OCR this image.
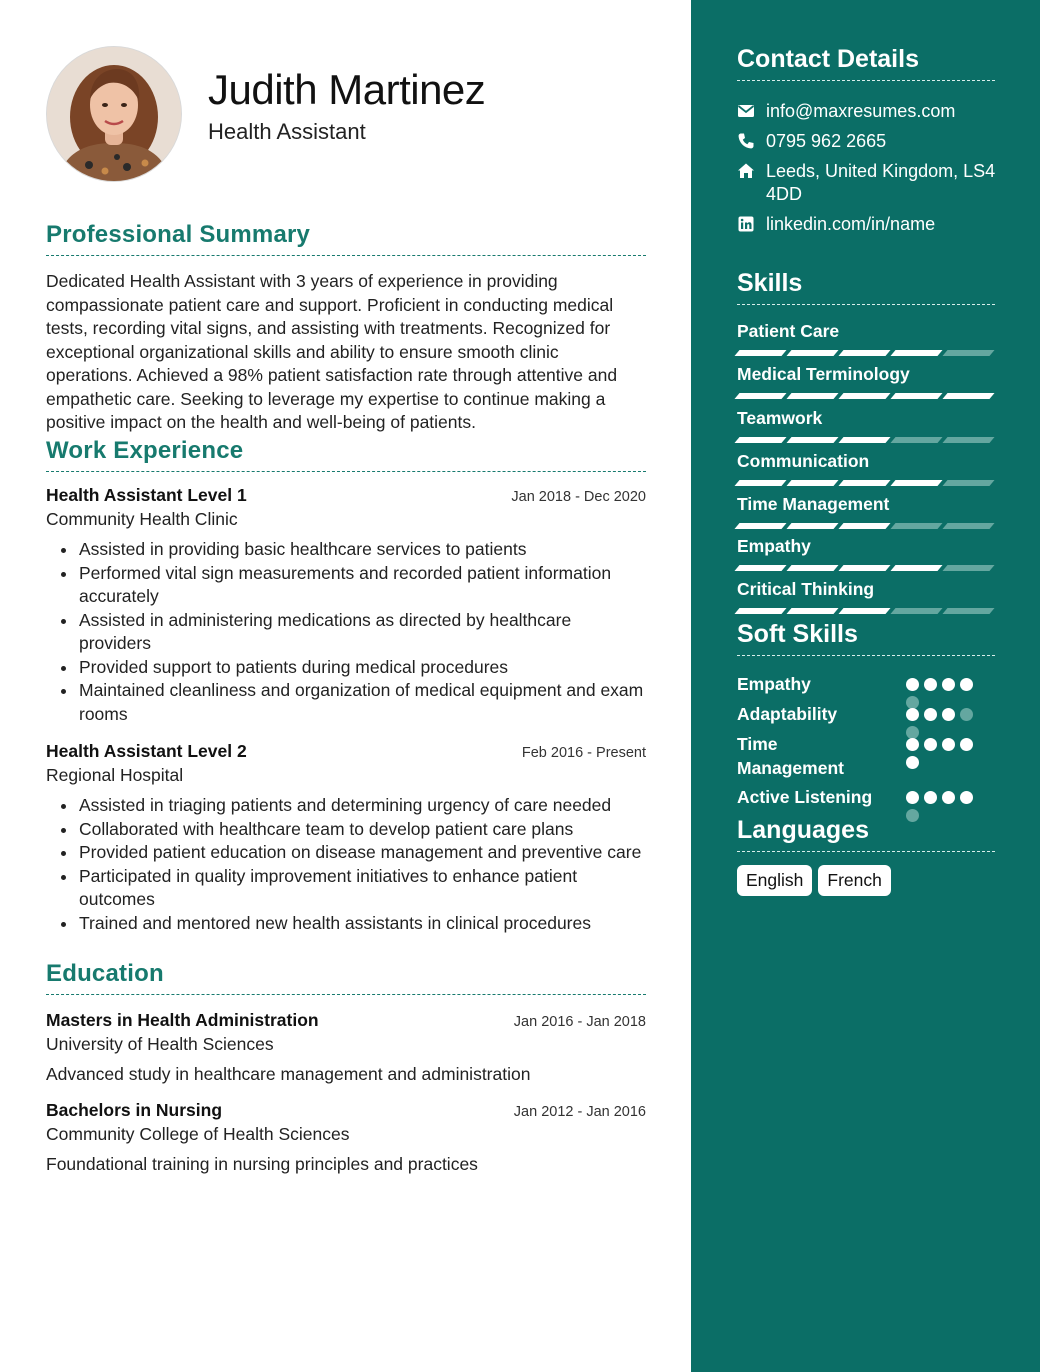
Judith Martinez
Health Assistant
Professional Summary

Dedicated Health Assistant with 3 years of experience in providing compassionate patient care and support. Proficient in conducting medical tests, recording vital signs, and assisting with treatments. Recognized for exceptional organizational skills and ability to ensure smooth clinic operations. Achieved a 98% patient satisfaction rate through attentive and empathetic care. Seeking to leverage my expertise to continue making a positive impact on the health and well-being of patients.

Work Experience
Health Assistant Level 1	Jan 2018 - Dec 2020
Community Health Clinic
• Assisted in providing basic healthcare services to patients
• Performed vital sign measurements and recorded patient information accurately
• Assisted in administering medications as directed by healthcare providers
• Provided support to patients during medical procedures
• Maintained cleanliness and organization of medical equipment and exam rooms
Health Assistant Level 2	Feb 2016 - Present
Regional Hospital
• Assisted in triaging patients and determining urgency of care needed
• Collaborated with healthcare team to develop patient care plans
• Provided patient education on disease management and preventive care
• Participated in quality improvement initiatives to enhance patient outcomes
• Trained and mentored new health assistants in clinical procedures
Education
Masters in Health Administration	Jan 2016 - Jan 2018
University of Health Sciences
Advanced study in healthcare management and administration
Bachelors in Nursing	Jan 2012 - Jan 2016
Community College of Health Sciences
Foundational training in nursing principles and practices
Contact Details
info@maxresumes.com
0795 962 2665
Leeds, United Kingdom, LS4 4DD
linkedin.com/in/name
Skills
Patient Care
Medical Terminology
Teamwork
Communication
Time Management
Empathy
Critical Thinking
Soft Skills
Empathy
Adaptability
Time Management
Active Listening
Languages
English	French
